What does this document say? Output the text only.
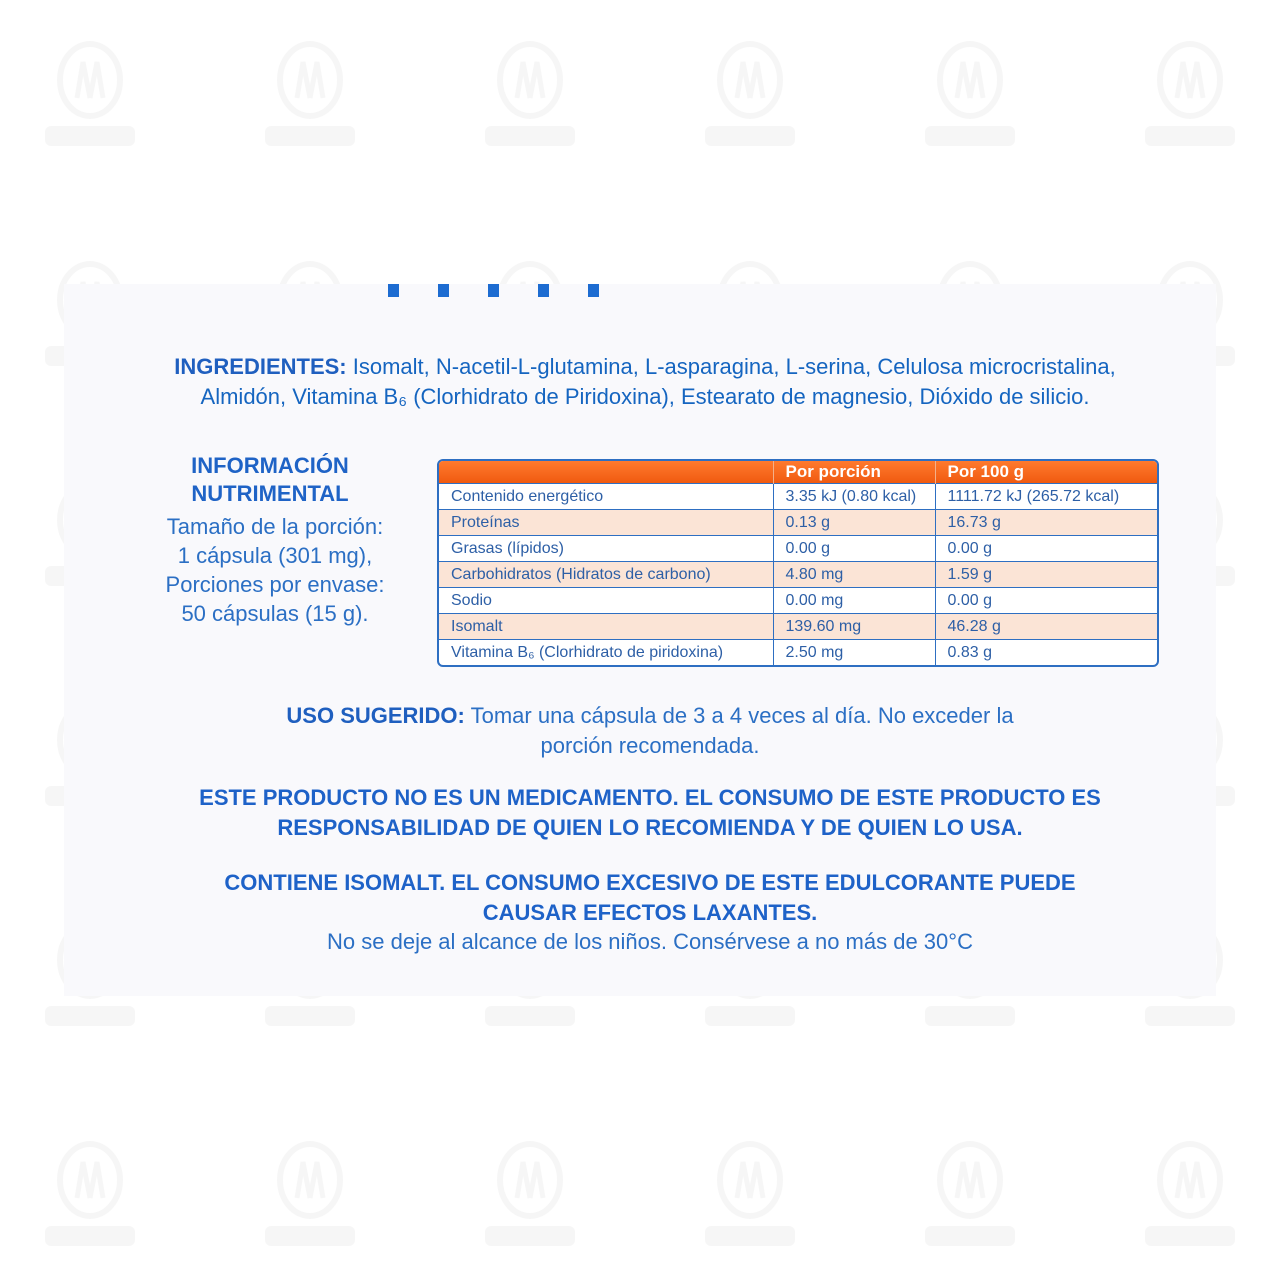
INGREDIENTES: Isomalt, N-acetil-L-glutamina, L-asparagina, L-serina, Celulosa microcristalina,
Almidón, Vitamina B₆ (Clorhidrato de Piridoxina), Estearato de magnesio, Dióxido de silicio.
INFORMACIÓN
NUTRIMENTAL
Tamaño de la porción:
1 cápsula (301 mg),
Porciones por envase:
50 cápsulas (15 g).
	Por porción	Por 100 g
Contenido energético	3.35 kJ (0.80 kcal)	1111.72 kJ (265.72 kcal)
Proteínas	0.13 g	16.73 g
Grasas (lípidos)	0.00 g	0.00 g
Carbohidratos (Hidratos de carbono)	4.80 mg	1.59 g
Sodio	0.00 mg	0.00 g
Isomalt	139.60 mg	46.28 g
Vitamina B₆ (Clorhidrato de piridoxina)	2.50 mg	0.83 g
USO SUGERIDO: Tomar una cápsula de 3 a 4 veces al día. No exceder la
porción recomendada.
ESTE PRODUCTO NO ES UN MEDICAMENTO. EL CONSUMO DE ESTE PRODUCTO ES
RESPONSABILIDAD DE QUIEN LO RECOMIENDA Y DE QUIEN LO USA.
CONTIENE ISOMALT. EL CONSUMO EXCESIVO DE ESTE EDULCORANTE PUEDE
CAUSAR EFECTOS LAXANTES.
No se deje al alcance de los niños. Consérvese a no más de 30°C
